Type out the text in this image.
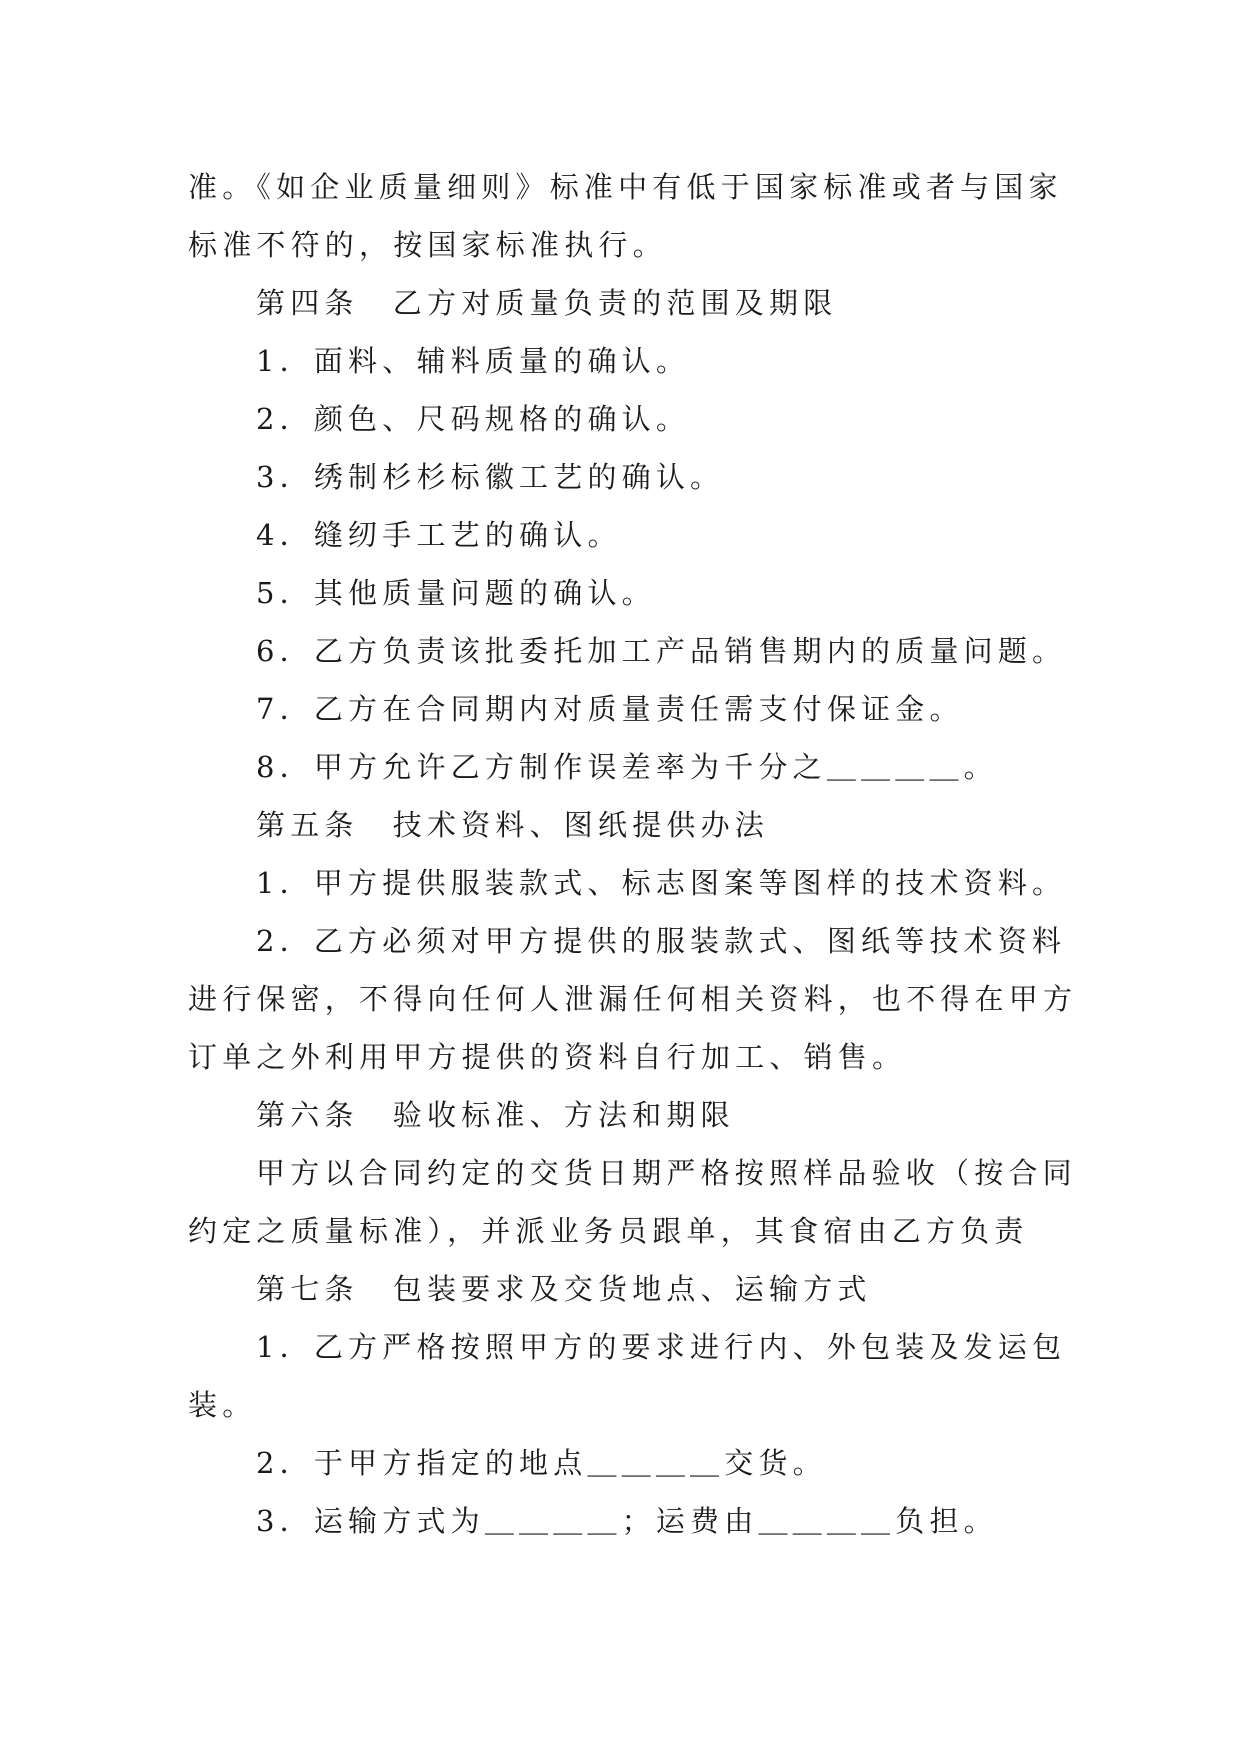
准。《如企业质量细则》标准中有低于国家标准或者与国家
标准不符的，按国家标准执行。
第四条　乙方对质量负责的范围及期限
1．面料、辅料质量的确认。
2．颜色、尺码规格的确认。
3．绣制杉杉标徽工艺的确认。
4．缝纫手工艺的确认。
5．其他质量问题的确认。
6．乙方负责该批委托加工产品销售期内的质量问题。
7．乙方在合同期内对质量责任需支付保证金。
8．甲方允许乙方制作误差率为千分之＿＿＿＿。
第五条　技术资料、图纸提供办法
1．甲方提供服装款式、标志图案等图样的技术资料。
2．乙方必须对甲方提供的服装款式、图纸等技术资料
进行保密，不得向任何人泄漏任何相关资料，也不得在甲方
订单之外利用甲方提供的资料自行加工、销售。
第六条　验收标准、方法和期限
甲方以合同约定的交货日期严格按照样品验收（按合同
约定之质量标准），并派业务员跟单，其食宿由乙方负责
第七条　包装要求及交货地点、运输方式
1．乙方严格按照甲方的要求进行内、外包装及发运包
装。
2．于甲方指定的地点＿＿＿＿交货。
3．运输方式为＿＿＿＿；运费由＿＿＿＿负担。
